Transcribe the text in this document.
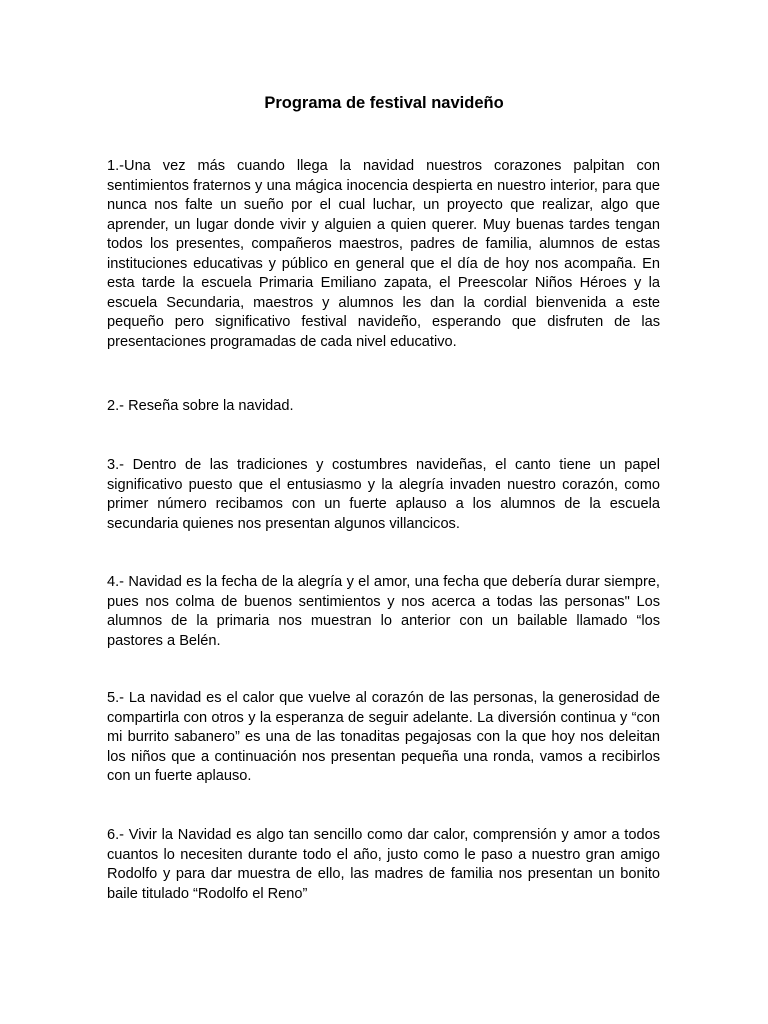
Programa de festival navideño

1.-Una vez más cuando llega la navidad nuestros corazones palpitan con sentimientos fraternos y una mágica inocencia despierta en nuestro interior, para que nunca nos falte un sueño por el cual luchar, un proyecto que realizar, algo que aprender, un lugar donde vivir y alguien a quien querer. Muy buenas tardes tengan todos los presentes, compañeros maestros, padres de familia, alumnos de estas instituciones educativas y público en general que el día de hoy nos acompaña. En esta tarde la escuela Primaria Emiliano zapata, el Preescolar Niños Héroes y la escuela Secundaria, maestros y alumnos les dan la cordial bienvenida a este pequeño pero significativo festival navideño, esperando que disfruten de las presentaciones programadas de cada nivel educativo.

2.- Reseña sobre la navidad.

3.- Dentro de las tradiciones y costumbres navideñas, el canto tiene un papel significativo puesto que el entusiasmo y la alegría invaden nuestro corazón, como primer número recibamos con un fuerte aplauso a los alumnos de la escuela secundaria quienes nos presentan algunos villancicos.

4.- Navidad es la fecha de la alegría y el amor, una fecha que debería durar siempre, pues nos colma de buenos sentimientos y nos acerca a todas las personas" Los alumnos de la primaria nos muestran lo anterior con un bailable llamado “los pastores a Belén.

5.- La navidad es el calor que vuelve al corazón de las personas, la generosidad de compartirla con otros y la esperanza de seguir adelante. La diversión continua y “con mi burrito sabanero” es una de las tonaditas pegajosas con la que hoy nos deleitan los niños que a continuación nos presentan pequeña una ronda, vamos a recibirlos con un fuerte aplauso.

6.- Vivir la Navidad es algo tan sencillo como dar calor, comprensión y amor a todos cuantos lo necesiten durante todo el año, justo como le paso a nuestro gran amigo Rodolfo y para dar muestra de ello, las madres de familia nos presentan un bonito baile titulado “Rodolfo el Reno”
